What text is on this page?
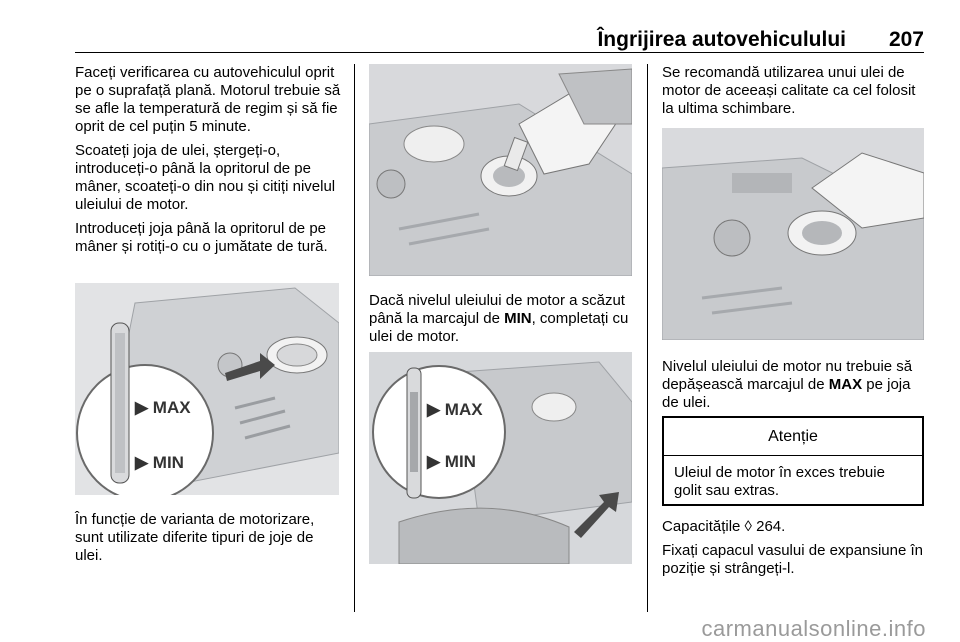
Îngrijirea autovehiculului 207

Faceți verificarea cu autovehiculul oprit pe o suprafață plană. Motorul trebuie să se afle la temperatură de regim și să fie oprit de cel puțin 5 minute.

Scoateți joja de ulei, ștergeți-o, introduceți-o până la opritorul de pe mâner, scoateți-o din nou și citiți nivelul uleiului de motor.

Introduceți joja până la opritorul de pe mâner și rotiți-o cu o jumătate de tură.

▶ MAX
▶ MIN

În funcție de varianta de motorizare, sunt utilizate diferite tipuri de joje de ulei.

Dacă nivelul uleiului de motor a scăzut până la marcajul de MIN, completați cu ulei de motor.

▶ MAX
▶ MIN

Se recomandă utilizarea unui ulei de motor de aceeași calitate ca cel folosit la ultima schimbare.

Nivelul uleiului de motor nu trebuie să depășească marcajul de MAX pe joja de ulei.

Atenție
Uleiul de motor în exces trebuie golit sau extras.

Capacitățile ◊ 264.

Fixați capacul vasului de expansiune în poziție și strângeți-l.

carmanualsonline.info
